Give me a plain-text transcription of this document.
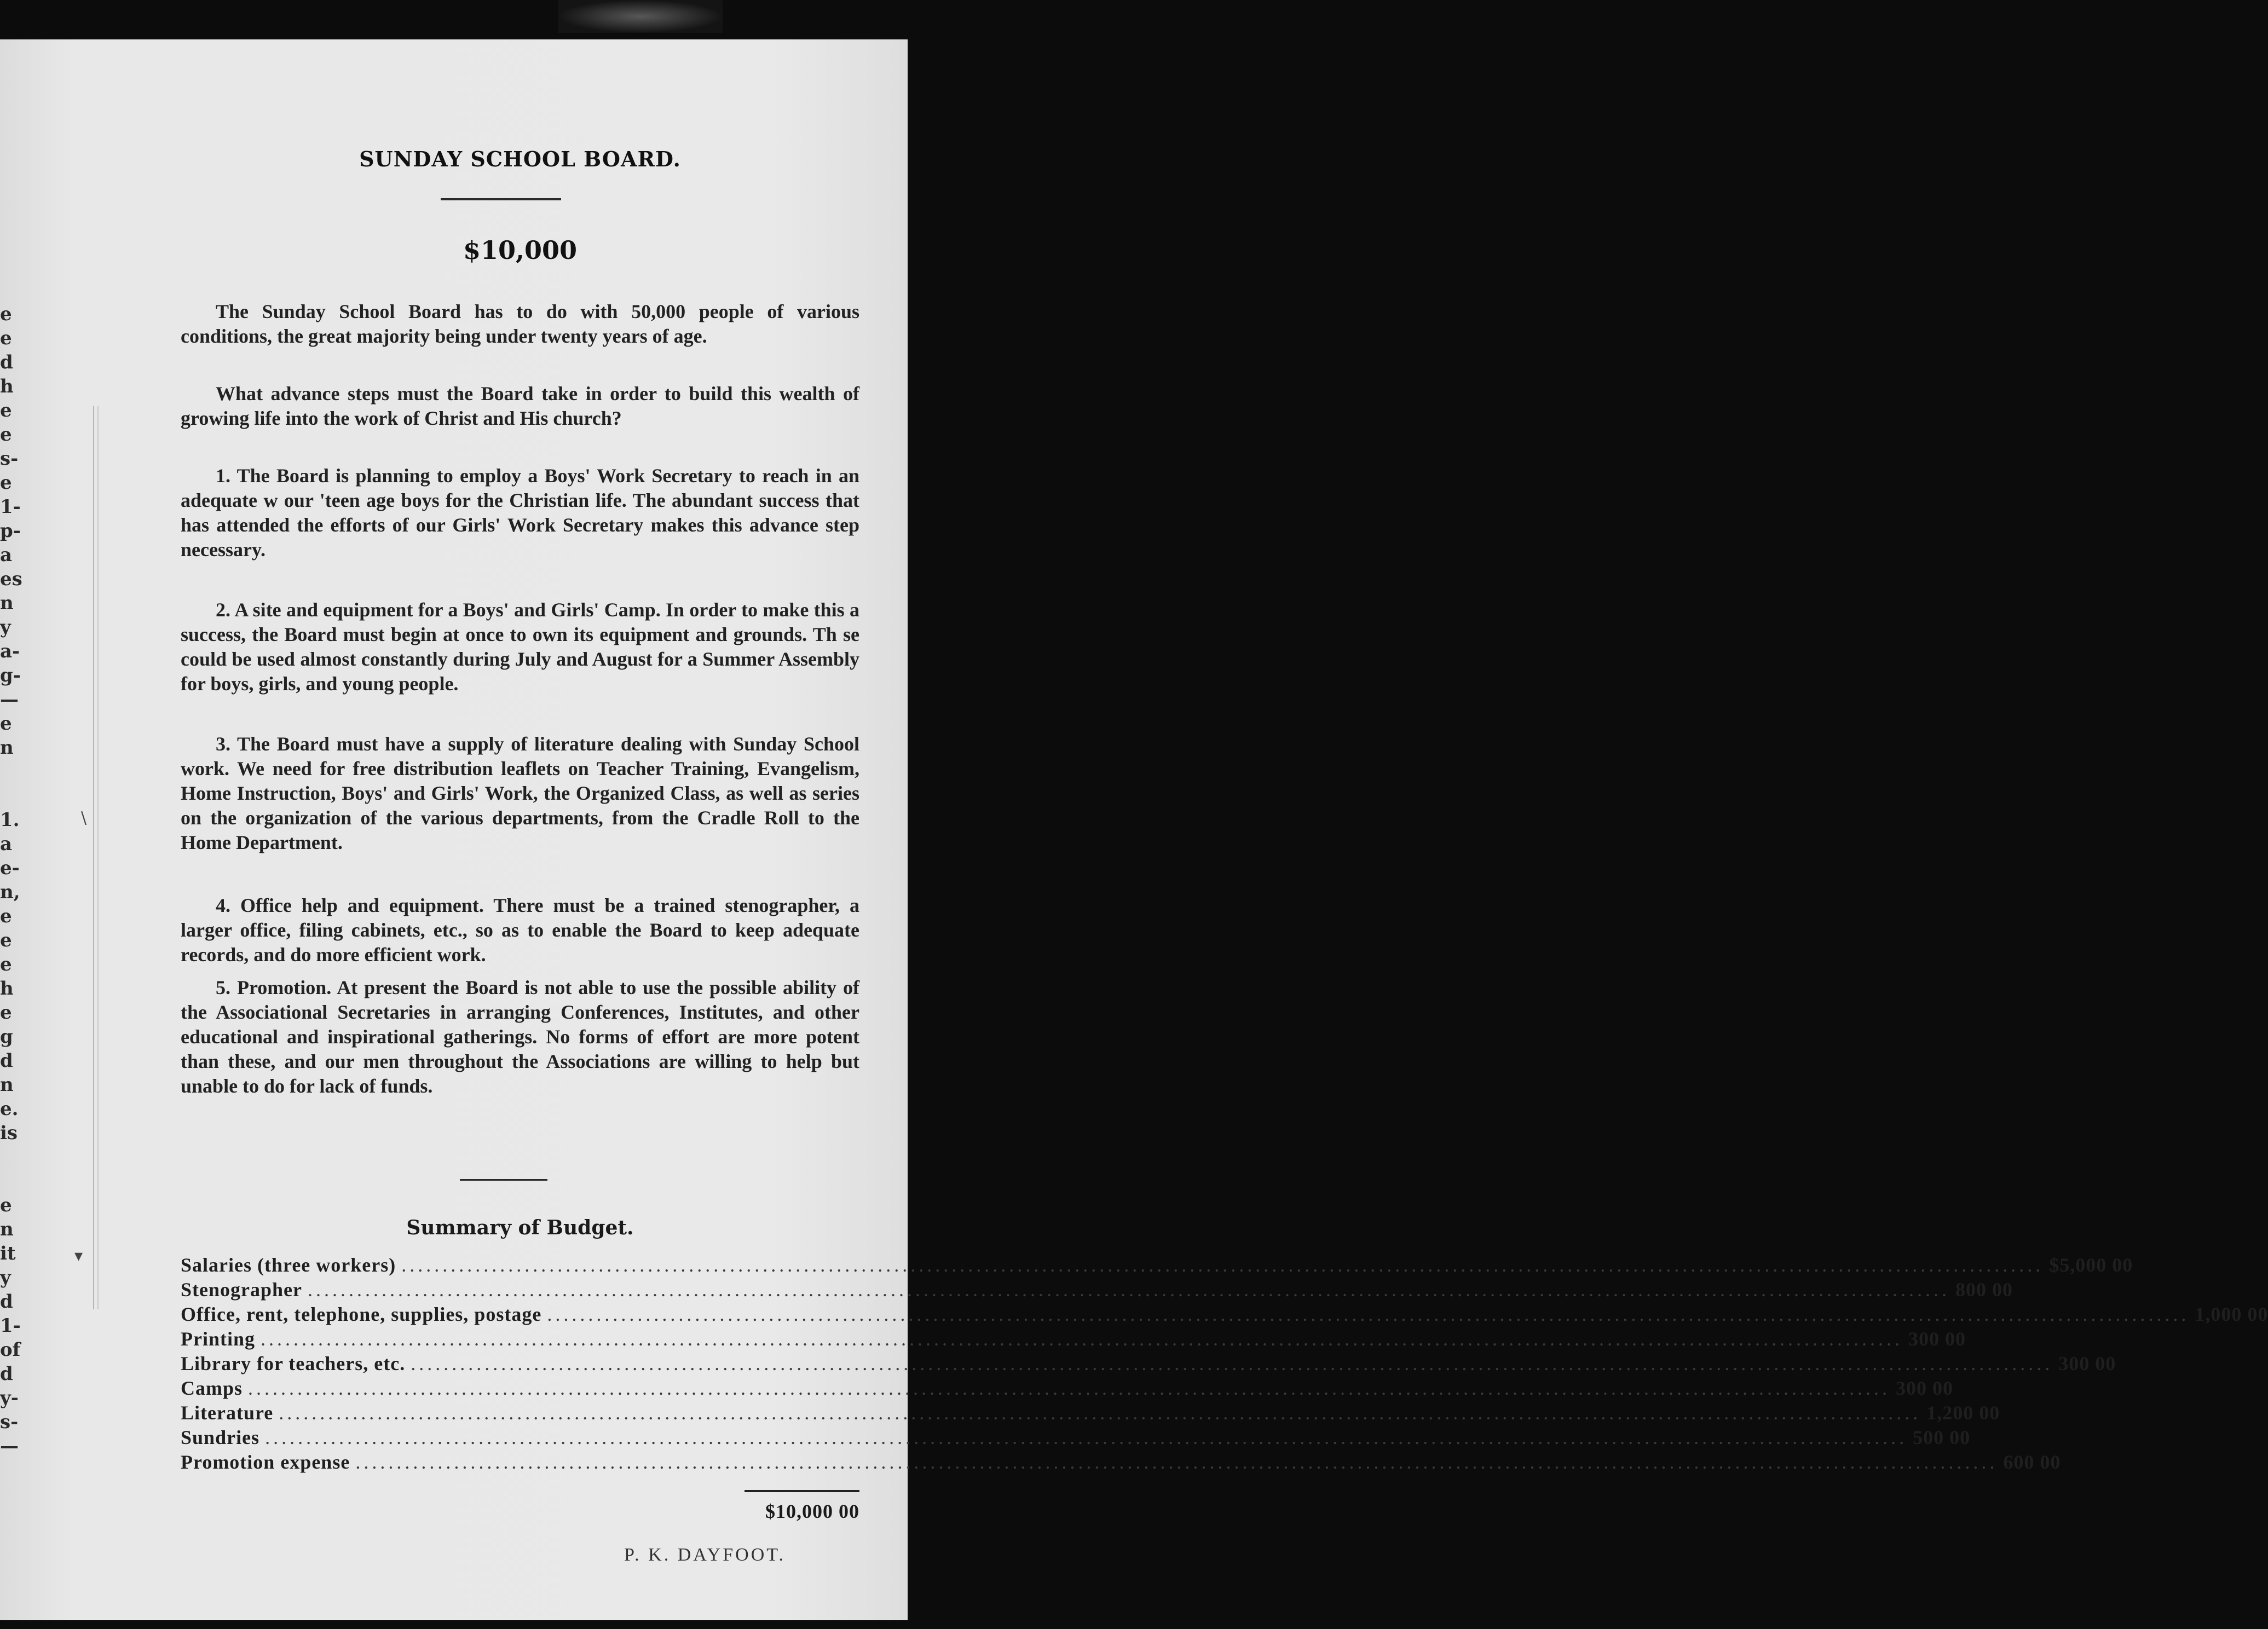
e
e
d
h
e
e
s-
e
1-
p-
a
es
n
y
a-
g-
—
e
n
1.
a
e-
n,
e
e
e
h
e
g
d
n
e.
is
e
n
it
y
d
1-
of
d
y-
s-
—
\
▾
SUNDAY SCHOOL BOARD.
$10,000

The Sunday School Board has to do with 50,000 people of various conditions, the great majority being under twenty years of age.

What advance steps must the Board take in order to build this wealth of growing life into the work of Christ and His church?

1. The Board is planning to employ a Boys' Work Secretary to reach in an adequate w our 'teen age boys for the Christian life. The abundant success that has attended the efforts of our Girls' Work Secretary makes this advance step necessary.

2. A site and equipment for a Boys' and Girls' Camp. In order to make this a success, the Board must begin at once to own its equipment and grounds. Th se could be used almost constantly during July and August for a Summer Assembly for boys, girls, and young people.

3. The Board must have a supply of literature dealing with Sunday School work. We need for free distribution leaflets on Teacher Training, Evangelism, Home Instruction, Boys' and Girls' Work, the Organized Class, as well as series on the organization of the various departments, from the Cradle Roll to the Home Department.

4. Office help and equipment. There must be a trained stenographer, a larger office, filing cabinets, etc., so as to enable the Board to keep adequate records, and do more efficient work.

5. Promotion. At present the Board is not able to use the possible ability of the Associational Secretaries in arranging Conferences, Institutes, and other educational and inspirational gatherings. No forms of effort are more potent than these, and our men throughout the Associations are willing to help but unable to do for lack of funds.

Summary of Budget.
Salaries (three workers) ........................................................................................................................................................................................................ $5,000 00
Stenographer ........................................................................................................................................................................................................ 800 00
Office, rent, telephone, supplies, postage ........................................................................................................................................................................................................ 1,000 00
Printing ........................................................................................................................................................................................................ 300 00
Library for teachers, etc. ........................................................................................................................................................................................................ 300 00
Camps ........................................................................................................................................................................................................ 300 00
Literature ........................................................................................................................................................................................................ 1,200 00
Sundries ........................................................................................................................................................................................................ 500 00
Promotion expense ........................................................................................................................................................................................................ 600 00
$10,000 00
P. K. DAYFOOT.
